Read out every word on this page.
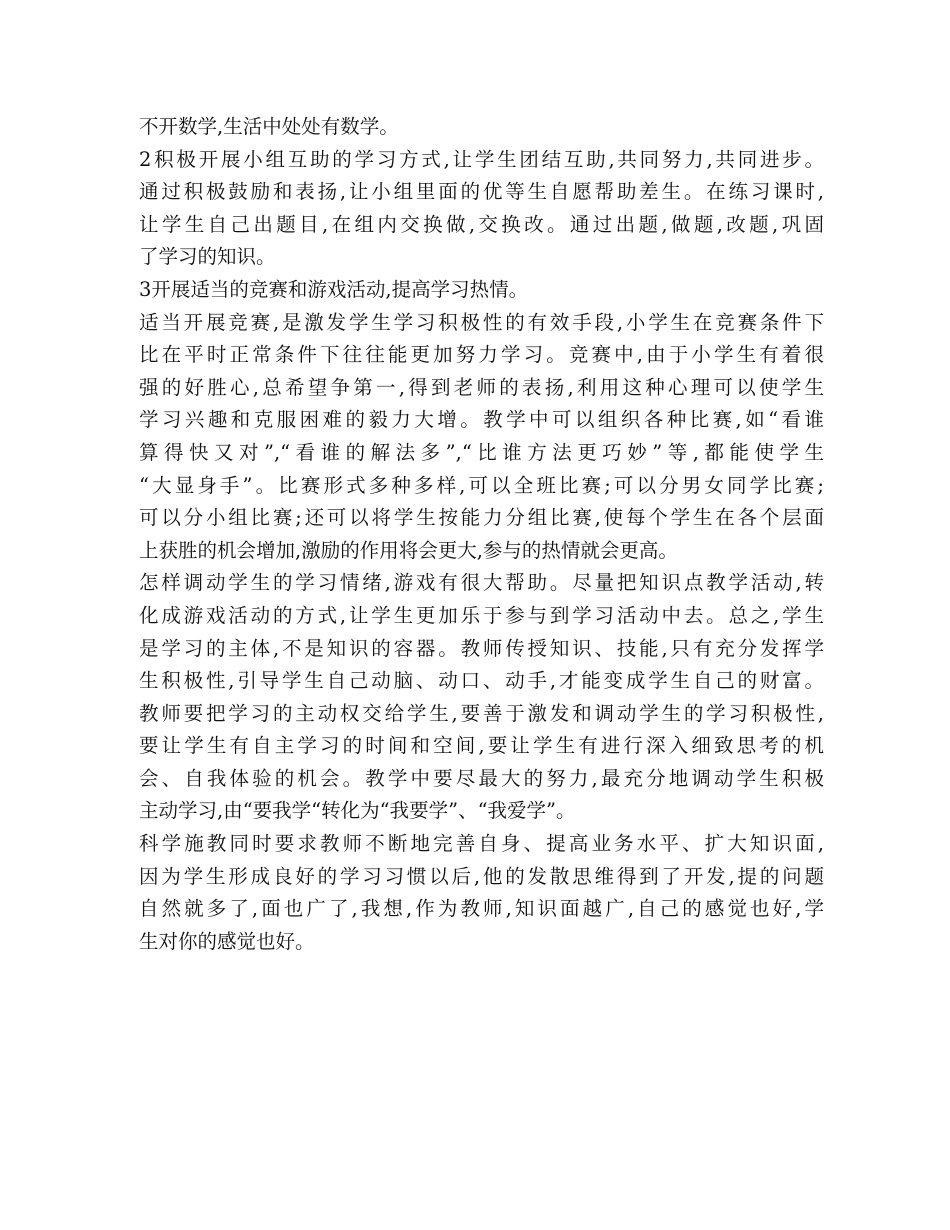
不开数学,生活中处处有数学。
2积极开展小组互助的学习方式,让学生团结互助,共同努力,共同进步。
通过积极鼓励和表扬,让小组里面的优等生自愿帮助差生。在练习课时,
让学生自己出题目,在组内交换做,交换改。通过出题,做题,改题,巩固
了学习的知识。
3开展适当的竞赛和游戏活动,提高学习热情。
适当开展竞赛,是激发学生学习积极性的有效手段,小学生在竞赛条件下
比在平时正常条件下往往能更加努力学习。竞赛中,由于小学生有着很
强的好胜心,总希望争第一,得到老师的表扬,利用这种心理可以使学生
学习兴趣和克服困难的毅力大增。教学中可以组织各种比赛,如“看谁
算得快又对”,“看谁的解法多”,“比谁方法更巧妙”等,都能使学生
“大显身手”。比赛形式多种多样,可以全班比赛;可以分男女同学比赛;
可以分小组比赛;还可以将学生按能力分组比赛,使每个学生在各个层面
上获胜的机会增加,激励的作用将会更大,参与的热情就会更高。
怎样调动学生的学习情绪,游戏有很大帮助。尽量把知识点教学活动,转
化成游戏活动的方式,让学生更加乐于参与到学习活动中去。总之,学生
是学习的主体,不是知识的容器。教师传授知识、技能,只有充分发挥学
生积极性,引导学生自己动脑、动口、动手,才能变成学生自己的财富。
教师要把学习的主动权交给学生,要善于激发和调动学生的学习积极性,
要让学生有自主学习的时间和空间,要让学生有进行深入细致思考的机
会、自我体验的机会。教学中要尽最大的努力,最充分地调动学生积极
主动学习,由“要我学“转化为“我要学”、“我爱学”。
科学施教同时要求教师不断地完善自身、提高业务水平、扩大知识面,
因为学生形成良好的学习习惯以后,他的发散思维得到了开发,提的问题
自然就多了,面也广了,我想,作为教师,知识面越广,自己的感觉也好,学
生对你的感觉也好。
